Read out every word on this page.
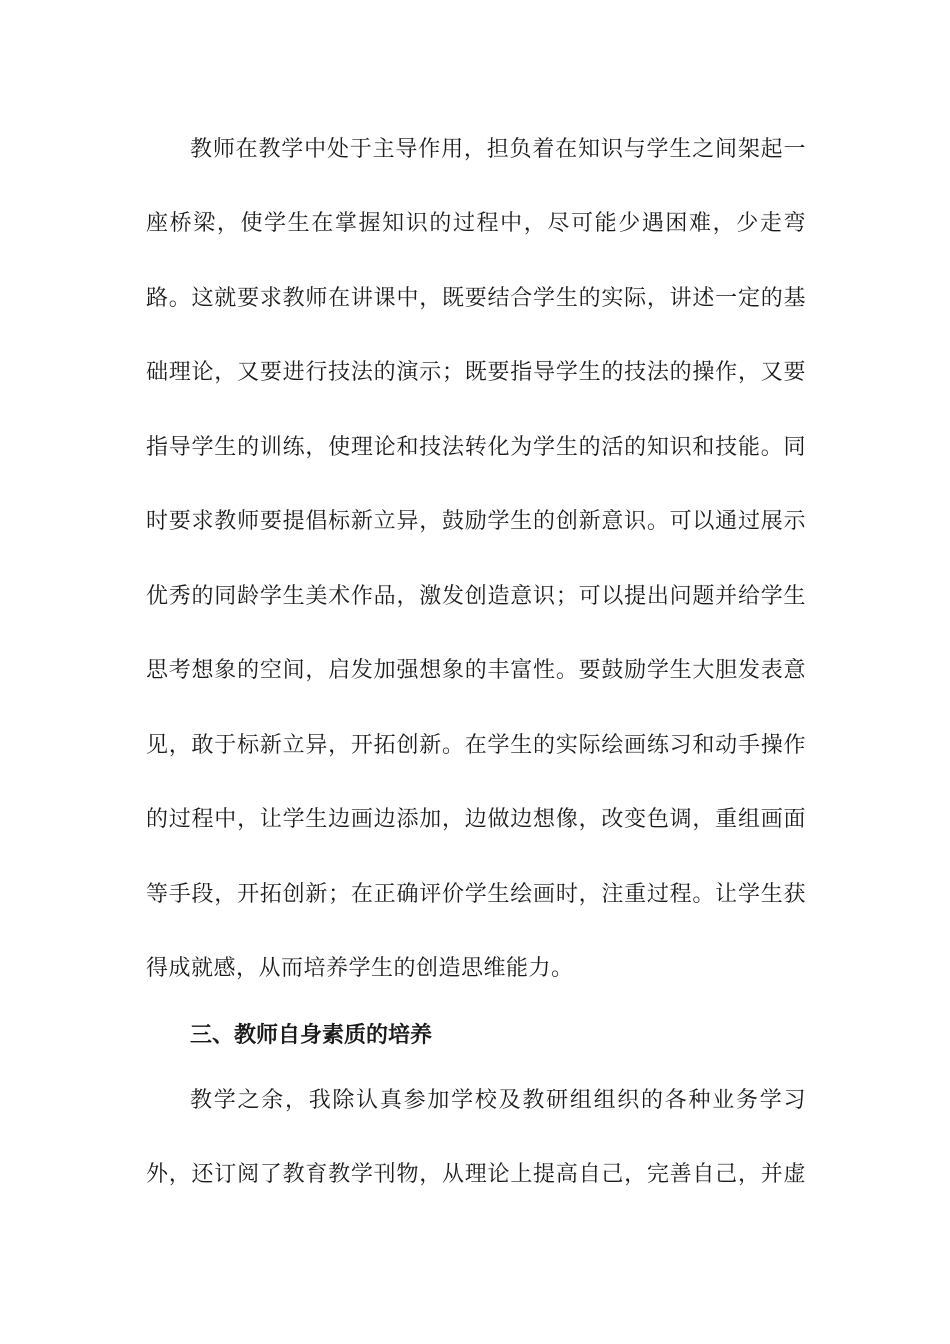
教师在教学中处于主导作用，担负着在知识与学生之间架起一
座桥梁，使学生在掌握知识的过程中，尽可能少遇困难，少走弯
路。这就要求教师在讲课中，既要结合学生的实际，讲述一定的基
础理论，又要进行技法的演示；既要指导学生的技法的操作，又要
指导学生的训练，使理论和技法转化为学生的活的知识和技能。同
时要求教师要提倡标新立异，鼓励学生的创新意识。可以通过展示
优秀的同龄学生美术作品，激发创造意识；可以提出问题并给学生
思考想象的空间，启发加强想象的丰富性。要鼓励学生大胆发表意
见，敢于标新立异，开拓创新。在学生的实际绘画练习和动手操作
的过程中，让学生边画边添加，边做边想像，改变色调，重组画面
等手段，开拓创新；在正确评价学生绘画时，注重过程。让学生获
得成就感，从而培养学生的创造思维能力。
三、教师自身素质的培养
教学之余，我除认真参加学校及教研组组织的各种业务学习
外，还订阅了教育教学刊物，从理论上提高自己，完善自己，并虚
